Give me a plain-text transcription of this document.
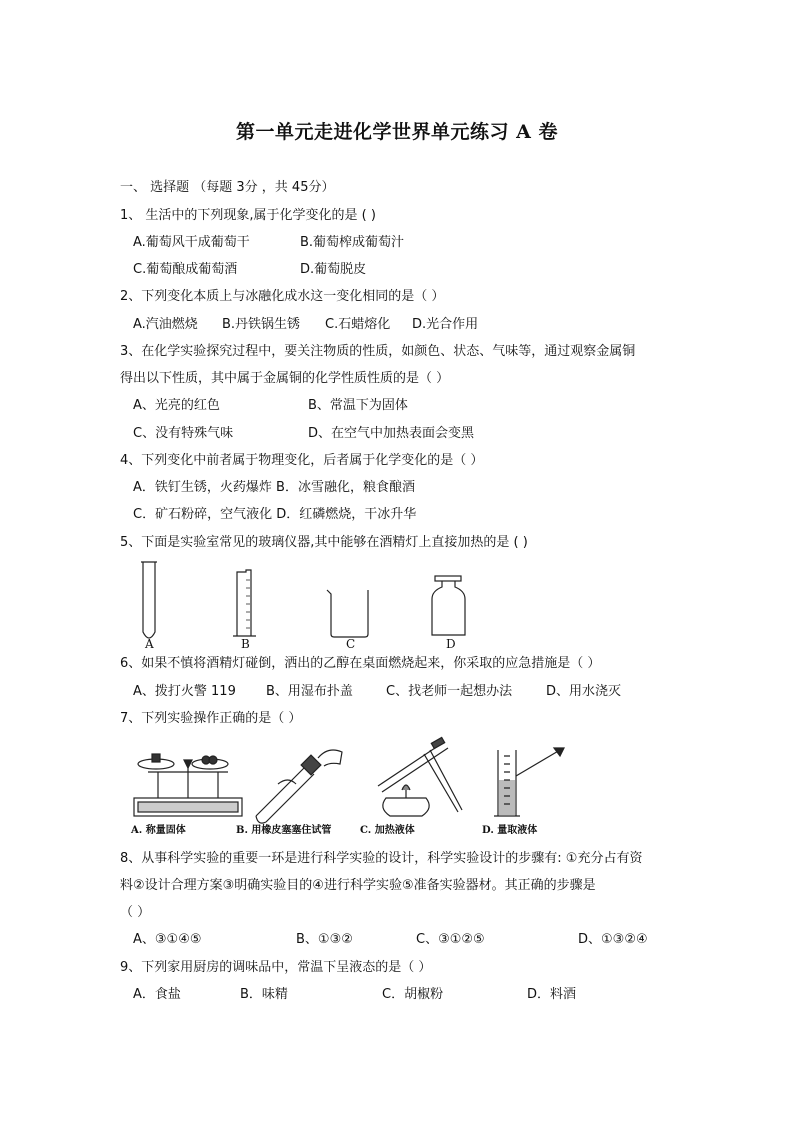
第一单元走进化学世界单元练习 A 卷
一、 选择题 （每题 3分 ，共 45分）
1、 生活中的下列现象,属于化学变化的是 ( )
A.葡萄风干成葡萄干	B.葡萄榨成葡萄汁
C.葡萄酿成葡萄酒	D.葡萄脱皮
2、下列变化本质上与冰融化成水这一变化相同的是（ ）
A.汽油燃烧 B.丹铁锅生锈 C.石蜡熔化 D.光合作用
3、在化学实验探究过程中，要关注物质的性质，如颜色、状态、气味等，通过观察金属铜
得出以下性质，其中属于金属铜的化学性质性质的是（ ）
A、光亮的红色	B、常温下为固体
C、没有特殊气味	D、在空气中加热表面会变黑
4、下列变化中前者属于物理变化，后者属于化学变化的是（ ）
A．铁钉生锈，火药爆炸 B．冰雪融化，粮食酿酒
C．矿石粉碎，空气液化 D．红磷燃烧，干冰升华
5、下面是实验室常见的玻璃仪器,其中能够在酒精灯上直接加热的是 ( )
A	B	C	D
6、如果不慎将酒精灯碰倒，洒出的乙醇在桌面燃烧起来，你采取的应急措施是（ ）
A、拨打火警 119 B、用湿布扑盖	C、找老师一起想办法	D、用水浇灭
7、下列实验操作正确的是（ ）
A. 称量固体	B. 用橡皮塞塞住试管	C. 加热液体	D. 量取液体
8、从事科学实验的重要一环是进行科学实验的设计，科学实验设计的步骤有: ①充分占有资
料②设计合理方案③明确实验目的④进行科学实验⑤准备实验器材。其正确的步骤是
（ ）
A、③①④⑤	B、①③②	C、③①②⑤	D、①③②④
9、下列家用厨房的调味品中，常温下呈液态的是（ ）
A．食盐	B．味精	C．胡椒粉	D．料酒
